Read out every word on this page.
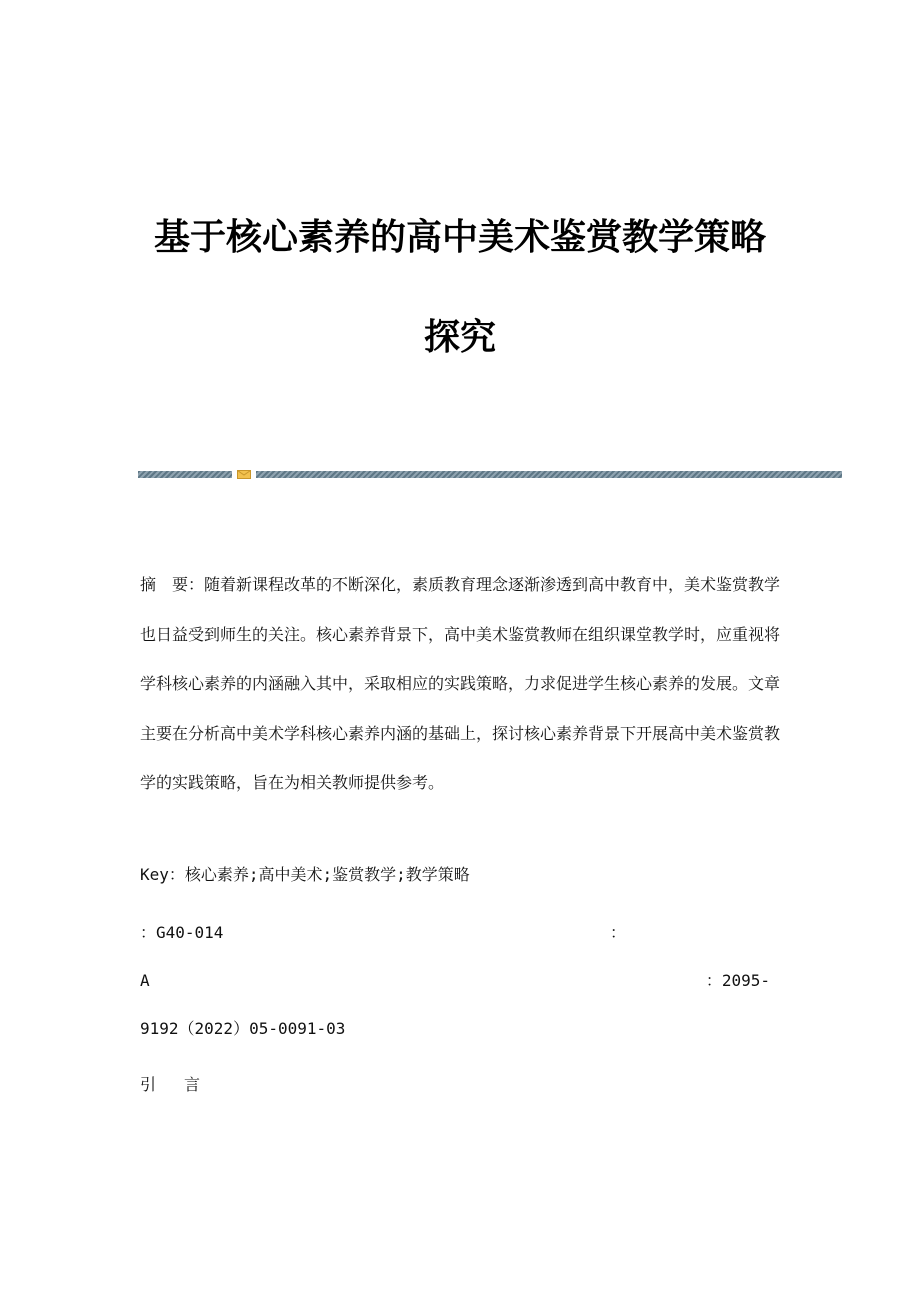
基于核心素养的高中美术鉴赏教学策略
探究
摘　要：随着新课程改革的不断深化，素质教育理念逐渐渗透到高中教育中，美术鉴赏教学也日益受到师生的关注。核心素养背景下，高中美术鉴赏教师在组织课堂教学时，应重视将学科核心素养的内涵融入其中，采取相应的实践策略，力求促进学生核心素养的发展。文章主要在分析高中美术学科核心素养内涵的基础上，探讨核心素养背景下开展高中美术鉴赏教学的实践策略，旨在为相关教师提供参考。
Key：核心素养;高中美术;鉴赏教学;教学策略
：G40-014	：
A	：2095-
9192（2022）05-0091-03
引言
